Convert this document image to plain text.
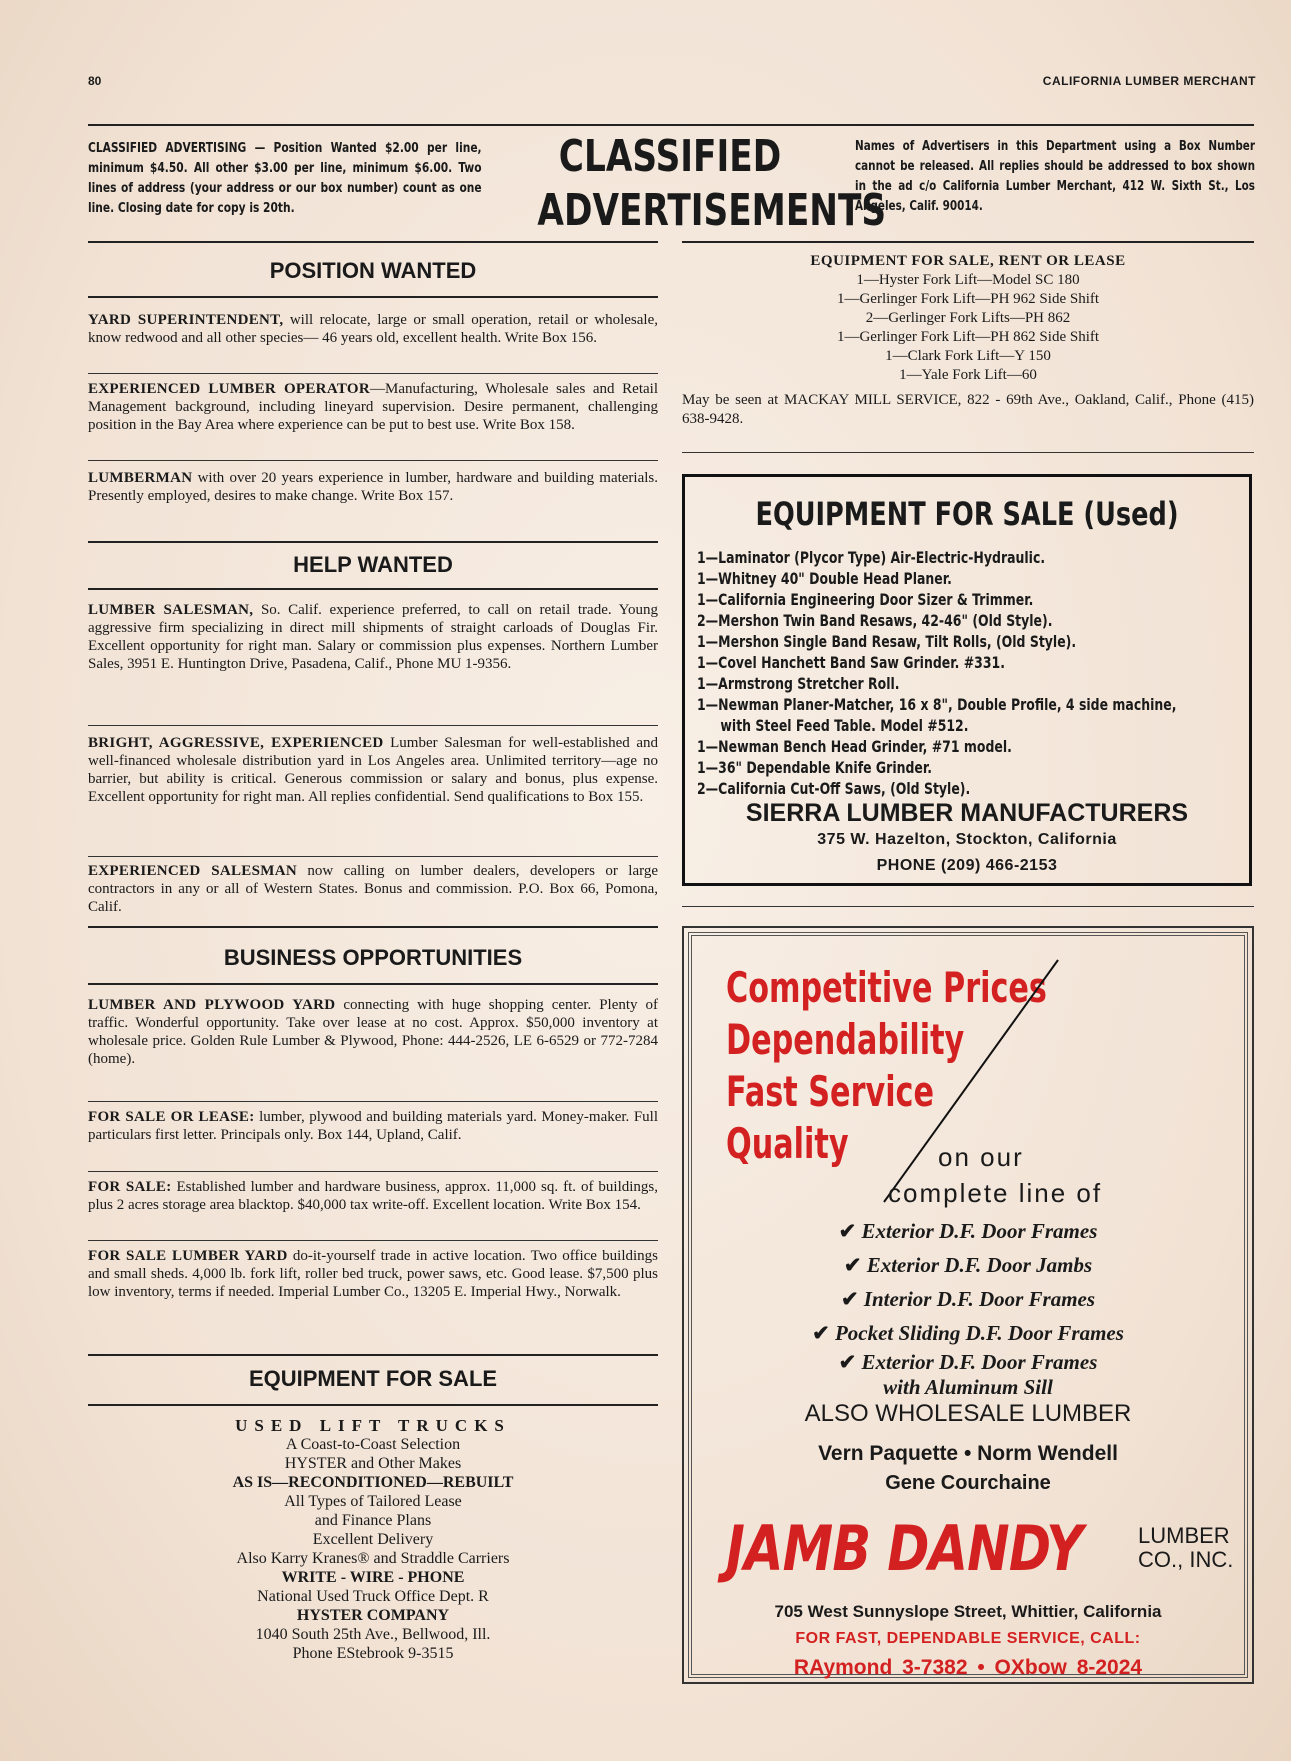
80	CALIFORNIA LUMBER MERCHANT
CLASSIFIED ADVERTISING — Position Wanted $2.00 per line, minimum $4.50. All other $3.00 per line, minimum $6.00. Two lines of address (your address or our box number) count as one line. Closing date for copy is 20th.
CLASSIFIED
ADVERTISEMENTS
Names of Advertisers in this Department using a Box Number cannot be released. All replies should be addressed to box shown in the ad c/o California Lumber Merchant, 412 W. Sixth St., Los Angeles, Calif. 90014.
POSITION WANTED
YARD SUPERINTENDENT, will relocate, large or small operation, retail or wholesale, know redwood and all other species— 46 years old, excellent health. Write Box 156.
EXPERIENCED LUMBER OPERATOR—Manufacturing, Wholesale sales and Retail Management background, including lineyard supervision. Desire permanent, challenging position in the Bay Area where experience can be put to best use. Write Box 158.
LUMBERMAN with over 20 years experience in lumber, hardware and building materials. Presently employed, desires to make change. Write Box 157.
HELP WANTED
LUMBER SALESMAN, So. Calif. experience preferred, to call on retail trade. Young aggressive firm specializing in direct mill shipments of straight carloads of Douglas Fir. Excellent opportunity for right man. Salary or commission plus expenses. Northern Lumber Sales, 3951 E. Huntington Drive, Pasadena, Calif., Phone MU 1-9356.
BRIGHT, AGGRESSIVE, EXPERIENCED Lumber Salesman for well-established and well-financed wholesale distribution yard in Los Angeles area. Unlimited territory—age no barrier, but ability is critical. Generous commission or salary and bonus, plus expense. Excellent opportunity for right man. All replies confidential. Send qualifications to Box 155.
EXPERIENCED SALESMAN now calling on lumber dealers, developers or large contractors in any or all of Western States. Bonus and commission. P.O. Box 66, Pomona, Calif.
BUSINESS OPPORTUNITIES
LUMBER AND PLYWOOD YARD connecting with huge shopping center. Plenty of traffic. Wonderful opportunity. Take over lease at no cost. Approx. $50,000 inventory at wholesale price. Golden Rule Lumber & Plywood, Phone: 444-2526, LE 6-6529 or 772-7284 (home).
FOR SALE OR LEASE: lumber, plywood and building materials yard. Money-maker. Full particulars first letter. Principals only. Box 144, Upland, Calif.
FOR SALE: Established lumber and hardware business, approx. 11,000 sq. ft. of buildings, plus 2 acres storage area blacktop. $40,000 tax write-off. Excellent location. Write Box 154.
FOR SALE LUMBER YARD do-it-yourself trade in active location. Two office buildings and small sheds. 4,000 lb. fork lift, roller bed truck, power saws, etc. Good lease. $7,500 plus low inventory, terms if needed. Imperial Lumber Co., 13205 E. Imperial Hwy., Norwalk.
EQUIPMENT FOR SALE
USED LIFT TRUCKS
A Coast-to-Coast Selection
HYSTER and Other Makes
AS IS—RECONDITIONED—REBUILT
All Types of Tailored Lease
and Finance Plans
Excellent Delivery
Also Karry Kranes® and Straddle Carriers
WRITE - WIRE - PHONE
National Used Truck Office Dept. R
HYSTER COMPANY
1040 South 25th Ave., Bellwood, Ill.
Phone EStebrook 9-3515
EQUIPMENT FOR SALE, RENT OR LEASE
1—Hyster Fork Lift—Model SC 180
1—Gerlinger Fork Lift—PH 962 Side Shift
2—Gerlinger Fork Lifts—PH 862
1—Gerlinger Fork Lift—PH 862 Side Shift
1—Clark Fork Lift—Y 150
1—Yale Fork Lift—60
May be seen at MACKAY MILL SERVICE, 822 - 69th Ave., Oakland, Calif., Phone (415) 638-9428.
EQUIPMENT FOR SALE (Used)
1—Laminator (Plycor Type) Air-Electric-Hydraulic.
1—Whitney 40" Double Head Planer.
1—California Engineering Door Sizer & Trimmer.
2—Mershon Twin Band Resaws, 42-46" (Old Style).
1—Mershon Single Band Resaw, Tilt Rolls, (Old Style).
1—Covel Hanchett Band Saw Grinder. #331.
1—Armstrong Stretcher Roll.
1—Newman Planer-Matcher, 16 x 8", Double Profile, 4 side machine,
with Steel Feed Table. Model #512.
1—Newman Bench Head Grinder, #71 model.
1—36" Dependable Knife Grinder.
2—California Cut-Off Saws, (Old Style).
SIERRA LUMBER MANUFACTURERS
375 W. Hazelton, Stockton, California
PHONE (209) 466-2153
Competitive Prices
Dependability
Fast Service
Quality	on our
complete line of
✔ Exterior D.F. Door Frames
✔ Exterior D.F. Door Jambs
✔ Interior D.F. Door Frames
✔ Pocket Sliding D.F. Door Frames
✔ Exterior D.F. Door Frames
with Aluminum Sill
ALSO WHOLESALE LUMBER
Vern Paquette • Norm Wendell
Gene Courchaine
JAMB DANDY	LUMBER
CO., INC.
705 West Sunnyslope Street, Whittier, California
FOR FAST, DEPENDABLE SERVICE, CALL:
RAymond 3-7382 • OXbow 8-2024
